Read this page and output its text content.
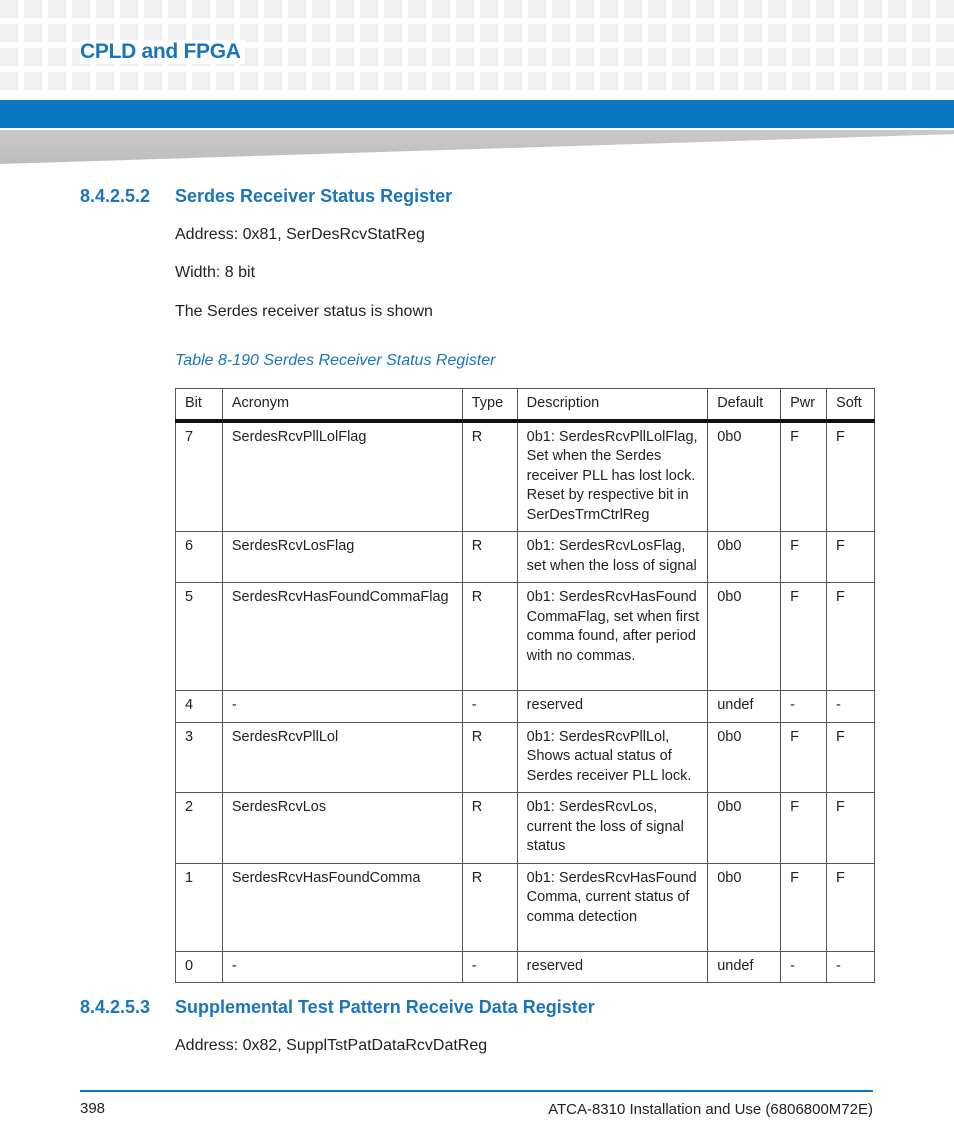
CPLD and FPGA
8.4.2.5.2 Serdes Receiver Status Register

Address: 0x81, SerDesRcvStatReg

Width: 8 bit

The Serdes receiver status is shown

Table 8-190 Serdes Receiver Status Register

Bit	Acronym	Type	Description	Default	Pwr	Soft
7	SerdesRcvPllLolFlag	R	0b1: SerdesRcvPllLolFlag, Set when the Serdes receiver PLL has lost lock. Reset by respective bit in SerDesTrmCtrlReg	0b0	F	F
6	SerdesRcvLosFlag	R	0b1: SerdesRcvLosFlag, set when the loss of signal	0b0	F	F
5	SerdesRcvHasFoundCommaFlag	R	0b1: SerdesRcvHasFoundCommaFlag, set when first comma found, after period with no commas.	0b0	F	F
4	-	-	reserved	undef	-	-
3	SerdesRcvPllLol	R	0b1: SerdesRcvPllLol, Shows actual status of Serdes receiver PLL lock.	0b0	F	F
2	SerdesRcvLos	R	0b1: SerdesRcvLos, current the loss of signal status	0b0	F	F
1	SerdesRcvHasFoundComma	R	0b1: SerdesRcvHasFoundComma, current status of comma detection	0b0	F	F
0	-	-	reserved	undef	-	-
8.4.2.5.3 Supplemental Test Pattern Receive Data Register

Address: 0x82, SupplTstPatDataRcvDatReg

398	ATCA-8310 Installation and Use (6806800M72E)
